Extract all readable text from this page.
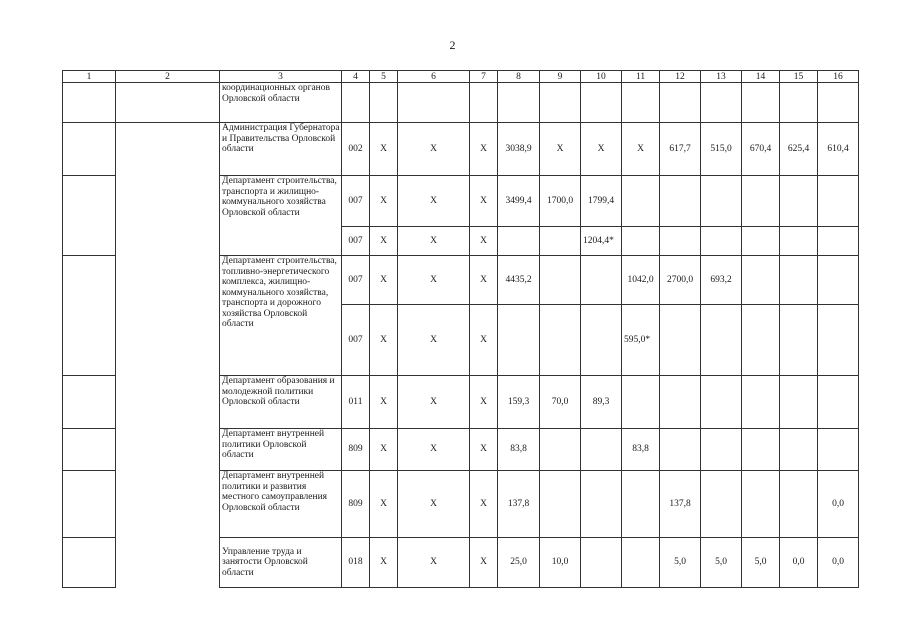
2
1	2	3	4	5	6	7	8	9	10	11	12	13	14	15	16
		координационных органов Орловской области													
		Администрация Губернатора и Правительства Орловской области	002	Х	Х	Х	3038,9	Х	Х	Х	617,7	515,0	670,4	625,4	610,4
		Департамент строительства, транспорта и жилищно-коммунального хозяйства Орловской области	007	Х	Х	Х	3499,4	1700,0	1799,4						
			007	Х	Х	Х			1204,4*						
		Департамент строительства, топливно-энергетического комплекса, жилищно-коммунального хозяйства, транспорта и дорожного хозяйства Орловской области	007	Х	Х	Х	4435,2			1042,0	2700,0	693,2			
			007	Х	Х	Х				595,0*					
		Департамент образования и молодежной политики Орловской области	011	Х	Х	Х	159,3	70,0	89,3						
		Департамент внутренней политики Орловской области	809	Х	Х	Х	83,8			83,8					
		Департамент внутренней политики и развития местного самоуправления Орловской области	809	Х	Х	Х	137,8				137,8				0,0
		Управление труда и занятости Орловской области	018	Х	Х	Х	25,0	10,0			5,0	5,0	5,0	0,0	0,0
